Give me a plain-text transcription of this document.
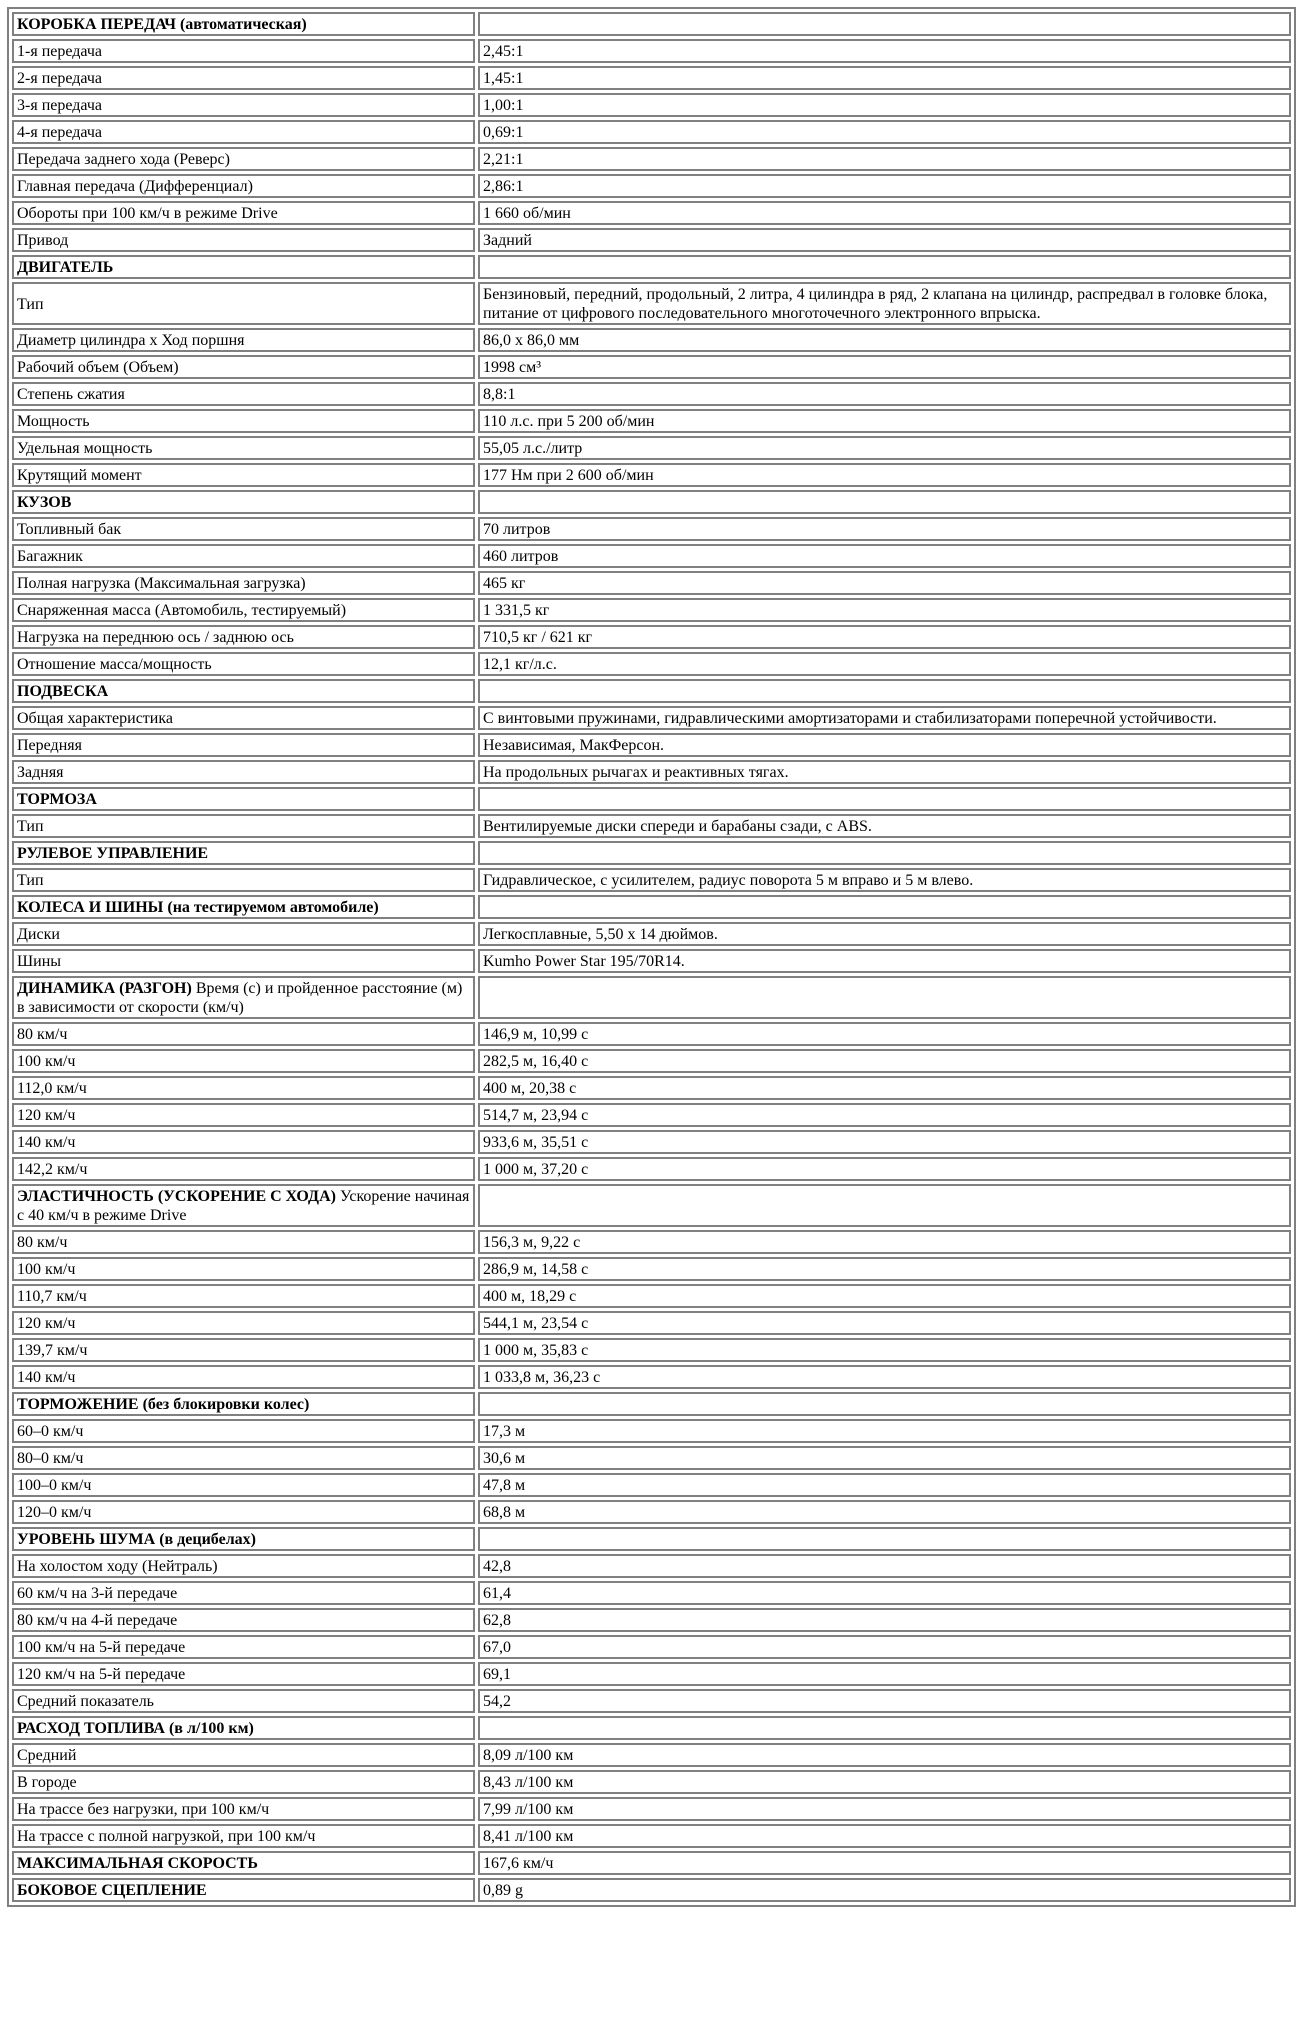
КОРОБКА ПЕРЕДАЧ (автоматическая)	
1-я передача	2,45:1
2-я передача	1,45:1
3-я передача	1,00:1
4-я передача	0,69:1
Передача заднего хода (Реверс)	2,21:1
Главная передача (Дифференциал)	2,86:1
Обороты при 100 км/ч в режиме Drive	1 660 об/мин
Привод	Задний
ДВИГАТЕЛЬ	
Тип	Бензиновый, передний, продольный, 2 литра, 4 цилиндра в ряд, 2 клапана на цилиндр, распредвал в головке блока, питание от цифрового последовательного многоточечного электронного впрыска.
Диаметр цилиндра x Ход поршня	86,0 x 86,0 мм
Рабочий объем (Объем)	1998 см³
Степень сжатия	8,8:1
Мощность	110 л.с. при 5 200 об/мин
Удельная мощность	55,05 л.с./литр
Крутящий момент	177 Нм при 2 600 об/мин
КУЗОВ	
Топливный бак	70 литров
Багажник	460 литров
Полная нагрузка (Максимальная загрузка)	465 кг
Снаряженная масса (Автомобиль, тестируемый)	1 331,5 кг
Нагрузка на переднюю ось / заднюю ось	710,5 кг / 621 кг
Отношение масса/мощность	12,1 кг/л.с.
ПОДВЕСКА	
Общая характеристика	С винтовыми пружинами, гидравлическими амортизаторами и стабилизаторами поперечной устойчивости.
Передняя	Независимая, МакФерсон.
Задняя	На продольных рычагах и реактивных тягах.
ТОРМОЗА	
Тип	Вентилируемые диски спереди и барабаны сзади, с ABS.
РУЛЕВОЕ УПРАВЛЕНИЕ	
Тип	Гидравлическое, с усилителем, радиус поворота 5 м вправо и 5 м влево.
КОЛЕСА И ШИНЫ (на тестируемом автомобиле)	
Диски	Легкосплавные, 5,50 x 14 дюймов.
Шины	Kumho Power Star 195/70R14.
ДИНАМИКА (РАЗГОН) Время (с) и пройденное расстояние (м) в зависимости от скорости (км/ч)	
80 км/ч	146,9 м, 10,99 с
100 км/ч	282,5 м, 16,40 с
112,0 км/ч	400 м, 20,38 с
120 км/ч	514,7 м, 23,94 с
140 км/ч	933,6 м, 35,51 с
142,2 км/ч	1 000 м, 37,20 с
ЭЛАСТИЧНОСТЬ (УСКОРЕНИЕ С ХОДА) Ускорение начиная с 40 км/ч в режиме Drive	
80 км/ч	156,3 м, 9,22 с
100 км/ч	286,9 м, 14,58 с
110,7 км/ч	400 м, 18,29 с
120 км/ч	544,1 м, 23,54 с
139,7 км/ч	1 000 м, 35,83 с
140 км/ч	1 033,8 м, 36,23 с
ТОРМОЖЕНИЕ (без блокировки колес)	
60–0 км/ч	17,3 м
80–0 км/ч	30,6 м
100–0 км/ч	47,8 м
120–0 км/ч	68,8 м
УРОВЕНЬ ШУМА (в децибелах)	
На холостом ходу (Нейтраль)	42,8
60 км/ч на 3-й передаче	61,4
80 км/ч на 4-й передаче	62,8
100 км/ч на 5-й передаче	67,0
120 км/ч на 5-й передаче	69,1
Средний показатель	54,2
РАСХОД ТОПЛИВА (в л/100 км)	
Средний	8,09 л/100 км
В городе	8,43 л/100 км
На трассе без нагрузки, при 100 км/ч	7,99 л/100 км
На трассе с полной нагрузкой, при 100 км/ч	8,41 л/100 км
МАКСИМАЛЬНАЯ СКОРОСТЬ	167,6 км/ч
БОКОВОЕ СЦЕПЛЕНИЕ	0,89 g
